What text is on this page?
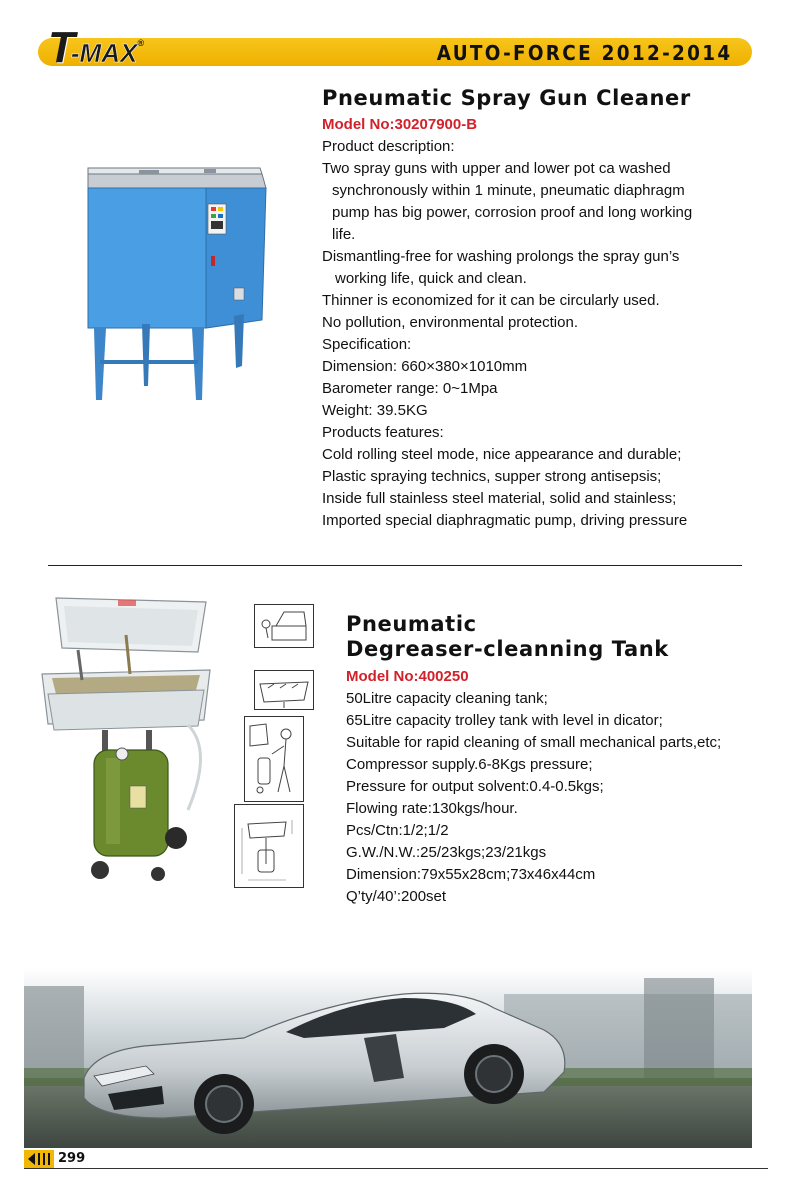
T
-MAX ®	AUTO-FORCE 2012-2014
Pneumatic Spray Gun Cleaner
Model No:30207900-B
Product description:
Two spray guns with upper and lower pot ca washed
synchronously within 1 minute, pneumatic diaphragm
pump has big power, corrosion proof and long working
life.
Dismantling-free for washing prolongs the spray gun’s
working life, quick and clean.
Thinner is economized for it can be circularly used.
No pollution, environmental protection.
Specification:
Dimension: 660×380×1010mm
Barometer range: 0~1Mpa
Weight: 39.5KG
Products features:
Cold rolling steel mode, nice appearance and durable;
Plastic spraying technics, supper strong antisepsis;
Inside full stainless steel material, solid and stainless;
Imported special diaphragmatic pump, driving pressure
Pneumatic
Degreaser-cleanning Tank
Model No:400250
50Litre capacity cleaning tank;
65Litre capacity trolley tank with level in dicator;
Suitable for rapid cleaning of small mechanical parts,etc;
Compressor supply.6-8Kgs pressure;
Pressure for output solvent:0.4-0.5kgs;
Flowing rate:130kgs/hour.
Pcs/Ctn:1/2;1/2
G.W./N.W.:25/23kgs;23/21kgs
Dimension:79x55x28cm;73x46x44cm
Q’ty/40’:200set
299
